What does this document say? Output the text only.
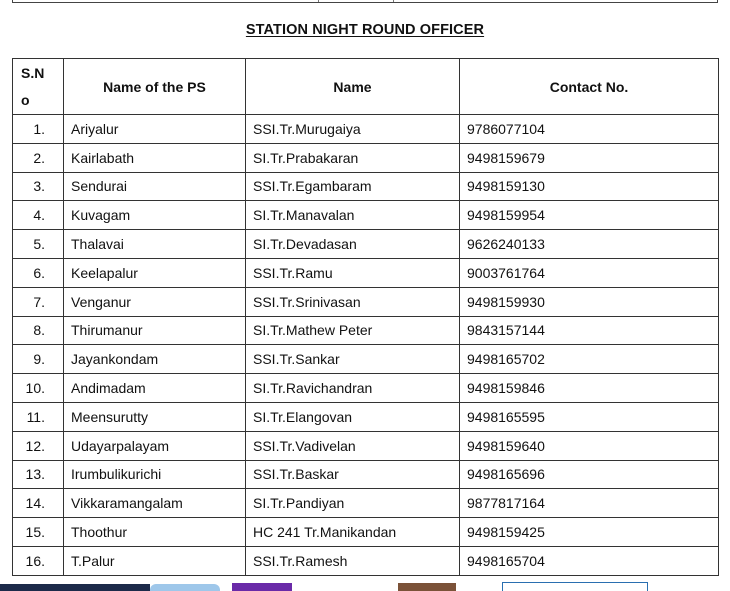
STATION NIGHT ROUND OFFICER
S.N
o	Name of the PS	Name	Contact No.
1.	Ariyalur	SSI.Tr.Murugaiya	9786077104
2.	Kairlabath	SI.Tr.Prabakaran	9498159679
3.	Sendurai	SSI.Tr.Egambaram	9498159130
4.	Kuvagam	SI.Tr.Manavalan	9498159954
5.	Thalavai	SI.Tr.Devadasan	9626240133
6.	Keelapalur	SSI.Tr.Ramu	9003761764
7.	Venganur	SSI.Tr.Srinivasan	9498159930
8.	Thirumanur	SI.Tr.Mathew Peter	9843157144
9.	Jayankondam	SSI.Tr.Sankar	9498165702
10.	Andimadam	SI.Tr.Ravichandran	9498159846
11.	Meensurutty	SI.Tr.Elangovan	9498165595
12.	Udayarpalayam	SSI.Tr.Vadivelan	9498159640
13.	Irumbulikurichi	SSI.Tr.Baskar	9498165696
14.	Vikkaramangalam	SI.Tr.Pandiyan	9877817164
15.	Thoothur	HC 241 Tr.Manikandan	9498159425
16.	T.Palur	SSI.Tr.Ramesh	9498165704
